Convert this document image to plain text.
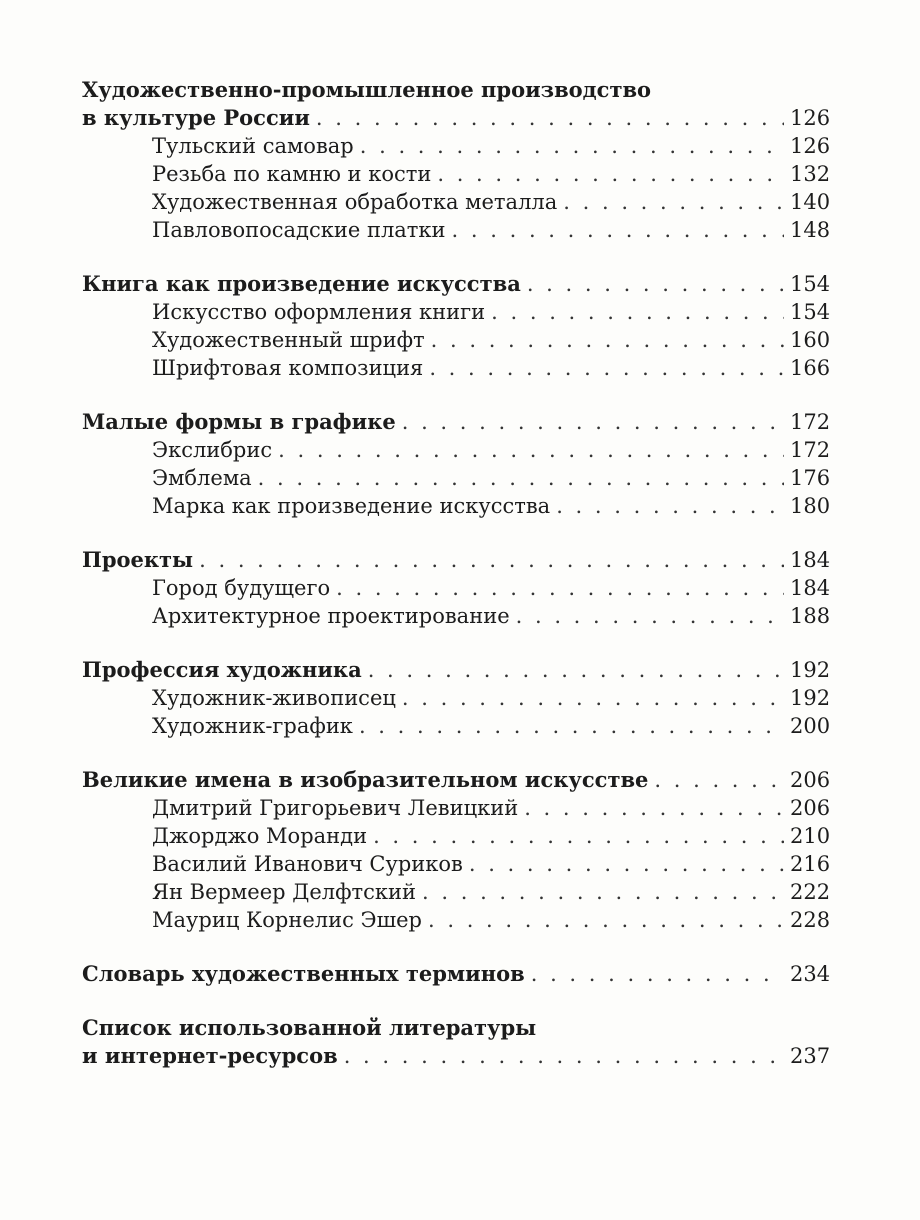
Художественно-промышленное производство
в культуре России . . .	126
Тульский самовар . . .	126
Резьба по камню и кости . . .	132
Художественная обработка металла . . .	140
Павловопосадские платки . . .	148
Книга как произведение искусства . . .	154
Искусство оформления книги . . .	154
Художественный шрифт . . .	160
Шрифтовая композиция . . .	166
Малые формы в графике . . .	172
Экслибрис . . .	172
Эмблема . . .	176
Марка как произведение искусства . . .	180
Проекты . . .	184
Город будущего . . .	184
Архитектурное проектирование . . .	188
Профессия художника . . .	192
Художник-живописец . . .	192
Художник-график . . .	200
Великие имена в изобразительном искусстве . . .	206
Дмитрий Григорьевич Левицкий . . .	206
Джорджо Моранди . . .	210
Василий Иванович Суриков . . .	216
Ян Вермеер Делфтский . . .	222
Мауриц Корнелис Эшер . . .	228
Словарь художественных терминов . . .	234
Список использованной литературы
и интернет-ресурсов . . .	237
